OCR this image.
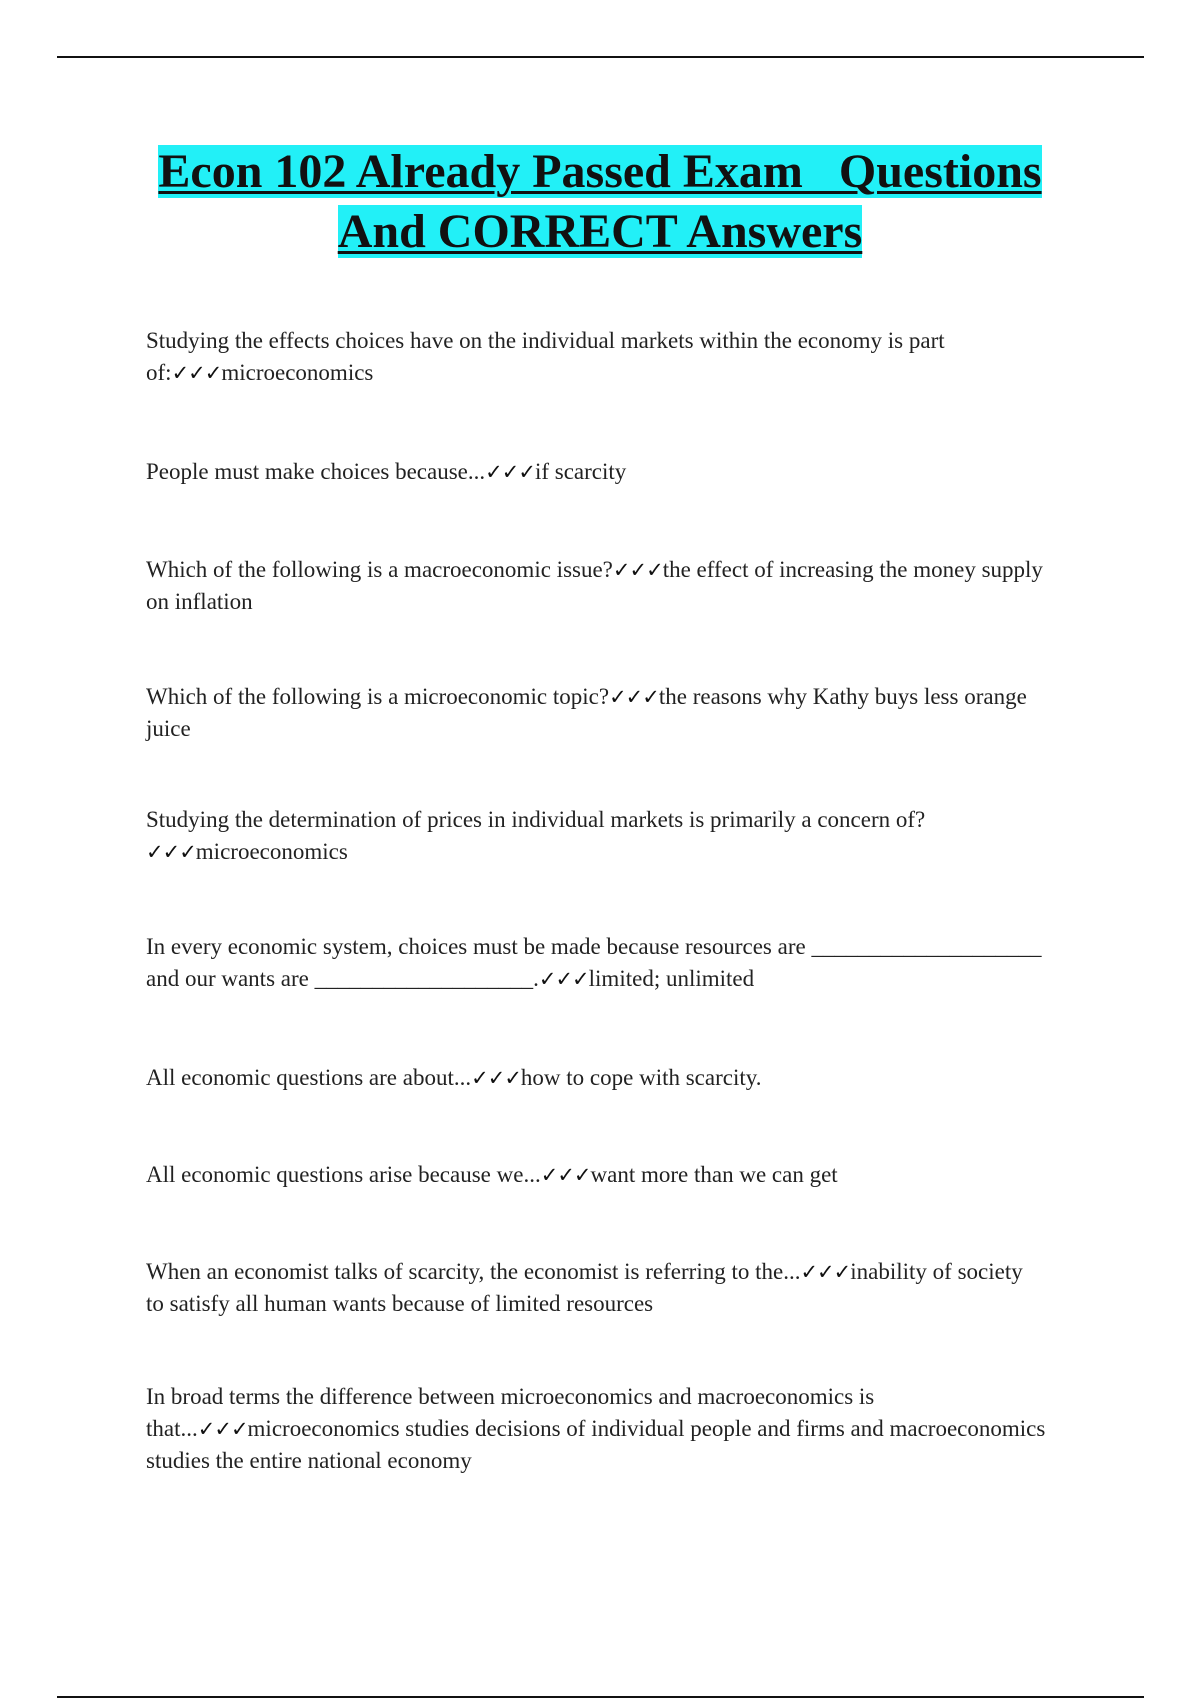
Econ 102 Already Passed Exam   Questions
And CORRECT Answers

Studying the effects choices have on the individual markets within the economy is part of:✓✓✓microeconomics

People must make choices because...✓✓✓if scarcity

Which of the following is a macroeconomic issue?✓✓✓the effect of increasing the money supply on inflation

Which of the following is a microeconomic topic?✓✓✓the reasons why Kathy buys less orange juice

Studying the determination of prices in individual markets is primarily a concern of?✓✓✓microeconomics

In every economic system, choices must be made because resources are ____________________ and our wants are ___________________.✓✓✓limited; unlimited

All economic questions are about...✓✓✓how to cope with scarcity.

All economic questions arise because we...✓✓✓want more than we can get

When an economist talks of scarcity, the economist is referring to the...✓✓✓inability of society to satisfy all human wants because of limited resources

In broad terms the difference between microeconomics and macroeconomics is that...✓✓✓microeconomics studies decisions of individual people and firms and macroeconomics studies the entire national economy
